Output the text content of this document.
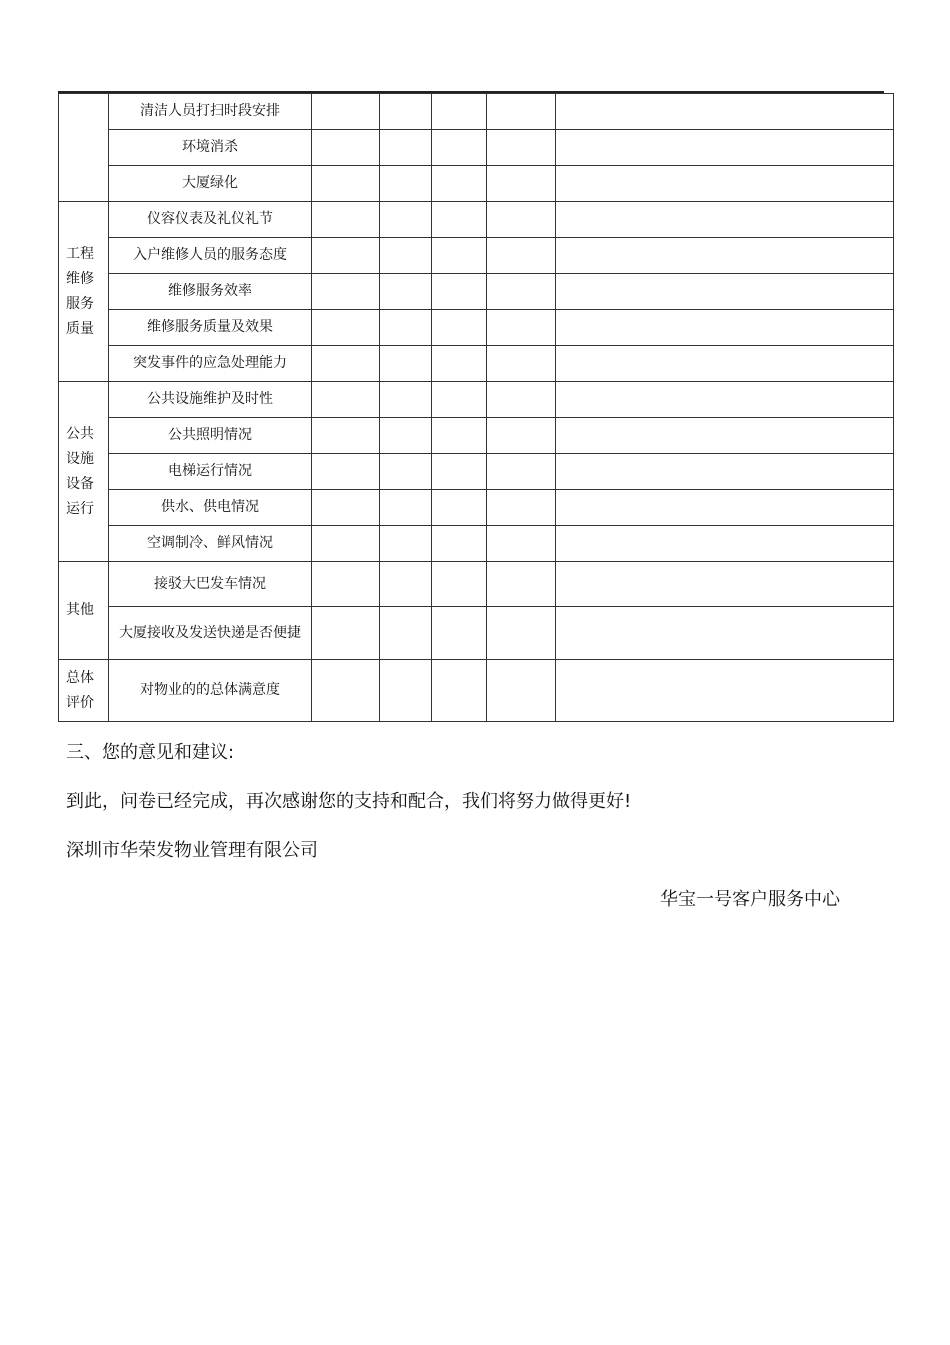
	清洁人员打扫时段安排					
	环境消杀					
	大厦绿化					

工程维修服务质量	仪容仪表及礼仪礼节					
	入户维修人员的服务态度					
	维修服务效率					
	维修服务质量及效果					
	突发事件的应急处理能力					

公共设施设备运行	公共设施维护及时性					
	公共照明情况					
	电梯运行情况					
	供水、供电情况					
	空调制冷、鲜风情况					

其他	接驳大巴发车情况					
	大厦接收及发送快递是否便捷					

总体评价	对物业的的总体满意度					

三、您的意见和建议:

到此，问卷已经完成，再次感谢您的支持和配合，我们将努力做得更好!

深圳市华荣发物业管理有限公司

华宝一号客户服务中心
